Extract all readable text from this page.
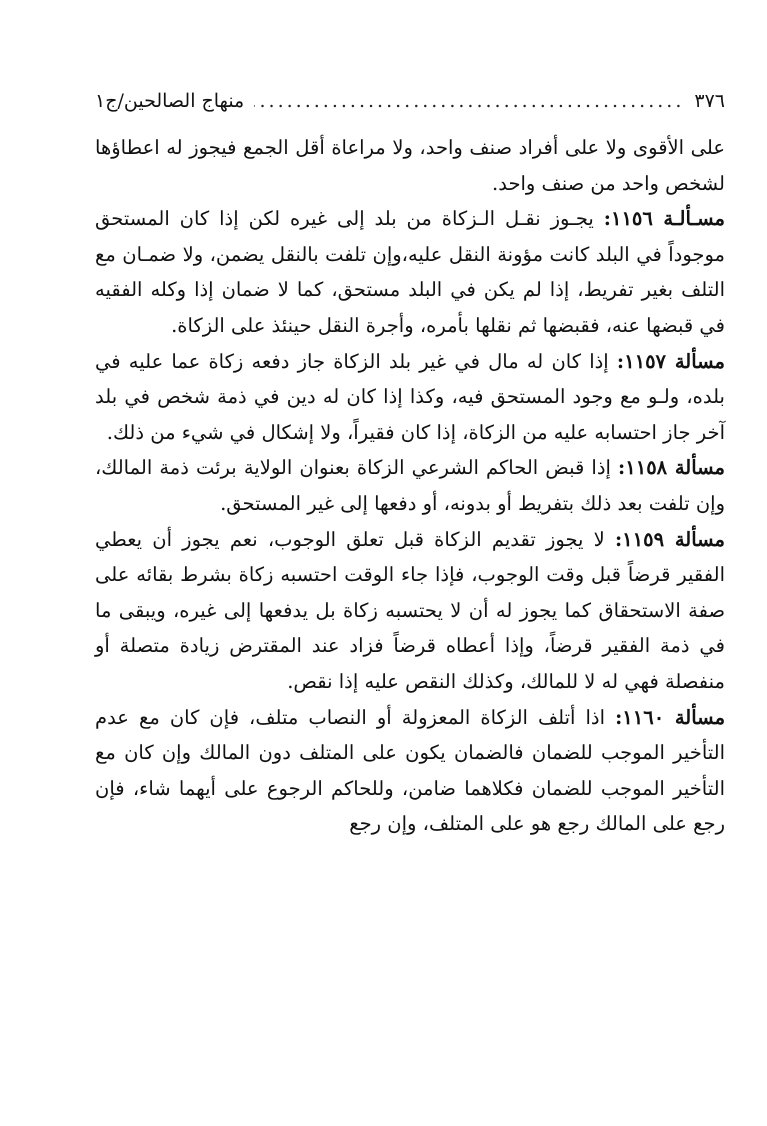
٣٧٦
.....
منهاج الصالحين/ج١

على الأقوى ولا على أفراد صنف واحد، ولا مراعاة أقل الجمع فيجوز له اعطاؤها لشخص واحد من صنف واحد.

مسـألـة ١١٥٦: يجـوز نقـل الـزكاة من بلد إلى غيره لكن إذا كان المستحق موجوداً في البلد كانت مؤونة النقل عليه،وإن تلفت بالنقل يضمن، ولا ضمـان مع التلف بغير تفريط، إذا لم يكن في البلد مستحق، كما لا ضمان إذا وكله الفقيه في قبضها عنه، فقبضها ثم نقلها بأمره، وأجرة النقل حينئذ على الزكاة.

مسألة ١١٥٧: إذا كان له مال في غير بلد الزكاة جاز دفعه زكاة عما عليه في بلده، ولـو مع وجود المستحق فيه، وكذا إذا كان له دين في ذمة شخص في بلد آخر جاز احتسابه عليه من الزكاة، إذا كان فقيراً، ولا إشكال في شيء من ذلك.

مسألة ١١٥٨: إذا قبض الحاكم الشرعي الزكاة بعنوان الولاية برئت ذمة المالك، وإن تلفت بعد ذلك بتفريط أو بدونه، أو دفعها إلى غير المستحق.

مسألة ١١٥٩: لا يجوز تقديم الزكاة قبل تعلق الوجوب، نعم يجوز أن يعطي الفقير قرضاً قبل وقت الوجوب، فإذا جاء الوقت احتسبه زكاة بشرط بقائه على صفة الاستحقاق كما يجوز له أن لا يحتسبه زكاة بل يدفعها إلى غيره، ويبقى ما في ذمة الفقير قرضاً، وإذا أعطاه قرضاً فزاد عند المقترض زيادة متصلة أو منفصلة فهي له لا للمالك، وكذلك النقص عليه إذا نقص.

مسألة ١١٦٠: اذا أتلف الزكاة المعزولة أو النصاب متلف، فإن كان مع عدم التأخير الموجب للضمان فالضمان يكون على المتلف دون المالك وإن كان مع التأخير الموجب للضمان فكلاهما ضامن، وللحاكم الرجوع على أيهما شاء، فإن رجع على المالك رجع هو على المتلف، وإن رجع
